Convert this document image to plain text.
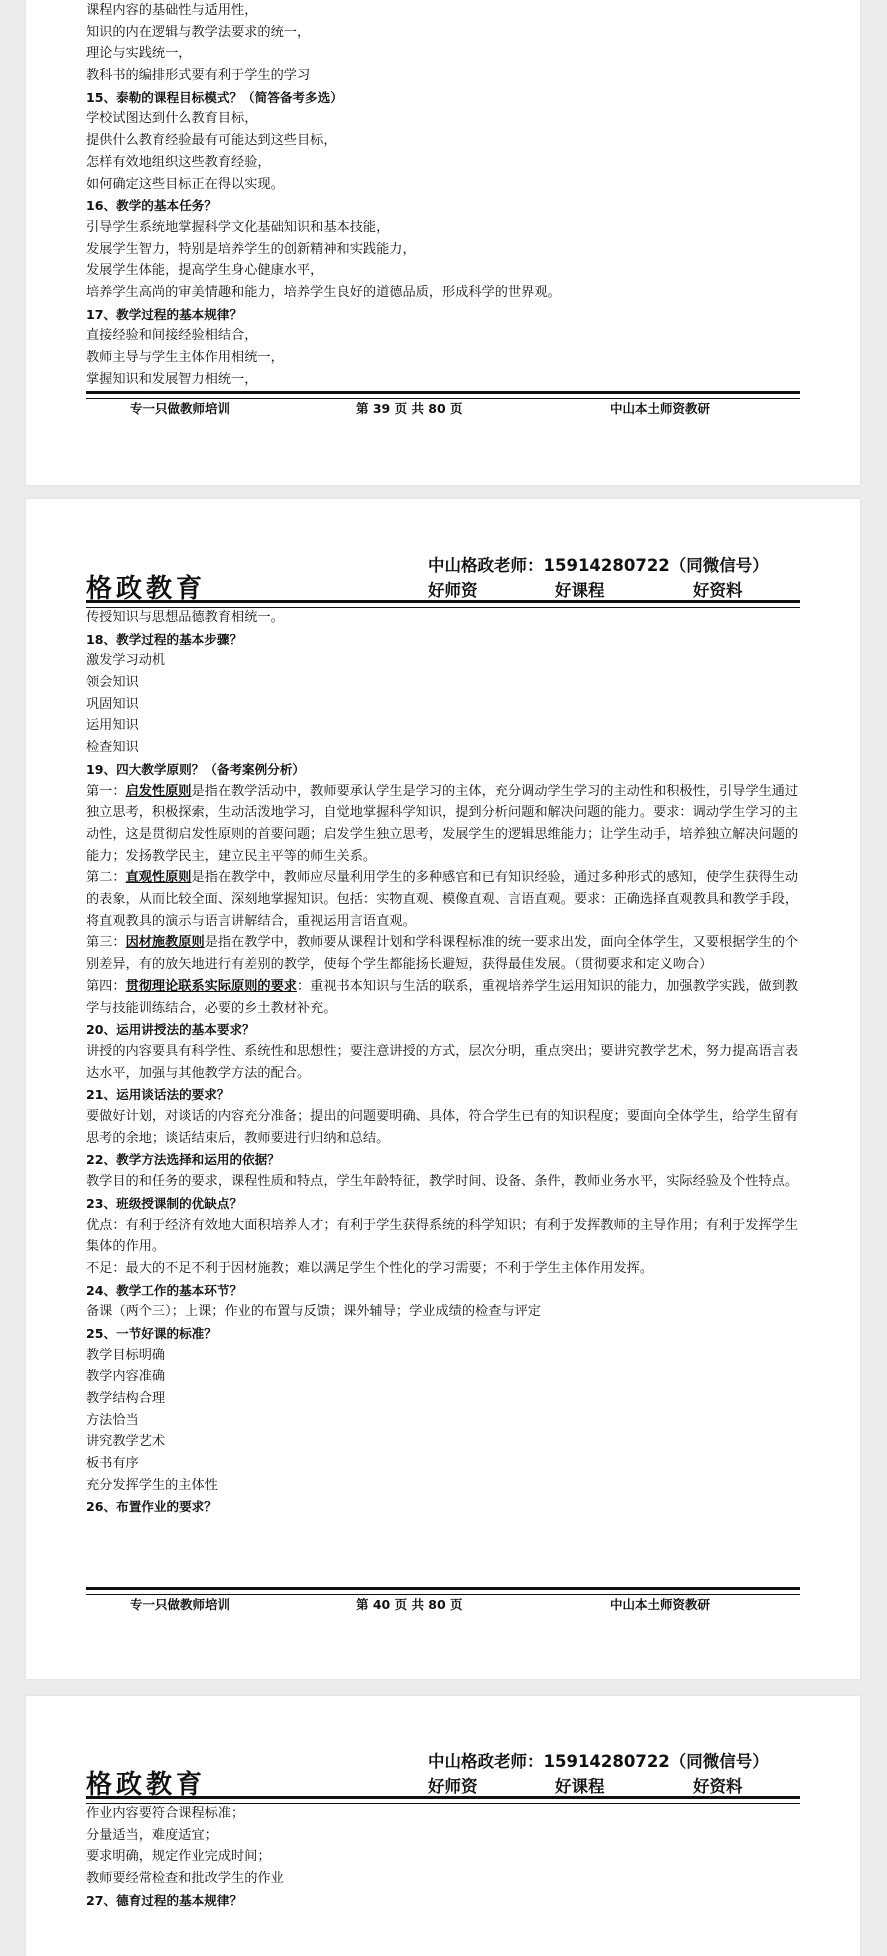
课程内容的基础性与适用性，
知识的内在逻辑与教学法要求的统一，
理论与实践统一，
教科书的编排形式要有利于学生的学习
15、泰勒的课程目标模式？（简答备考多选）
学校试图达到什么教育目标，
提供什么教育经验最有可能达到这些目标，
怎样有效地组织这些教育经验，
如何确定这些目标正在得以实现。
16、教学的基本任务？
引导学生系统地掌握科学文化基础知识和基本技能，
发展学生智力，特别是培养学生的创新精神和实践能力，
发展学生体能，提高学生身心健康水平，
培养学生高尚的审美情趣和能力，培养学生良好的道德品质，形成科学的世界观。
17、教学过程的基本规律？
直接经验和间接经验相结合，
教师主导与学生主体作用相统一，
掌握知识和发展智力相统一，
专一只做教师培训	第 39 页 共 80 页	中山本土师资教研
中山格政老师：15914280722（同微信号）
格政教育	好师资	好课程	好资料
传授知识与思想品德教育相统一。
18、教学过程的基本步骤？
激发学习动机
领会知识
巩固知识
运用知识
检查知识
19、四大教学原则？（备考案例分析）
第一：启发性原则是指在教学活动中，教师要承认学生是学习的主体，充分调动学生学习的主动性和积极性，引导学生通过独立思考，积极探索，生动活泼地学习，自觉地掌握科学知识，提到分析问题和解决问题的能力。要求：调动学生学习的主动性，这是贯彻启发性原则的首要问题；启发学生独立思考，发展学生的逻辑思维能力；让学生动手，培养独立解决问题的能力；发扬教学民主，建立民主平等的师生关系。
第二：直观性原则是指在教学中，教师应尽量利用学生的多种感官和已有知识经验，通过多种形式的感知，使学生获得生动的表象，从而比较全面、深刻地掌握知识。包括：实物直观、模像直观、言语直观。要求：正确选择直观教具和教学手段，将直观教具的演示与语言讲解结合，重视运用言语直观。
第三：因材施教原则是指在教学中，教师要从课程计划和学科课程标准的统一要求出发，面向全体学生，又要根据学生的个别差异，有的放矢地进行有差别的教学，使每个学生都能扬长避短，获得最佳发展。（贯彻要求和定义吻合）
第四：贯彻理论联系实际原则的要求：重视书本知识与生活的联系，重视培养学生运用知识的能力，加强教学实践，做到教学与技能训练结合，必要的乡土教材补充。
20、运用讲授法的基本要求？
讲授的内容要具有科学性、系统性和思想性；要注意讲授的方式，层次分明，重点突出；要讲究教学艺术，努力提高语言表达水平，加强与其他教学方法的配合。
21、运用谈话法的要求？
要做好计划，对谈话的内容充分准备；提出的问题要明确、具体，符合学生已有的知识程度；要面向全体学生，给学生留有思考的余地；谈话结束后，教师要进行归纳和总结。
22、教学方法选择和运用的依据？
教学目的和任务的要求，课程性质和特点，学生年龄特征，教学时间、设备、条件，教师业务水平，实际经验及个性特点。
23、班级授课制的优缺点？
优点：有利于经济有效地大面积培养人才；有利于学生获得系统的科学知识；有利于发挥教师的主导作用；有利于发挥学生集体的作用。
不足：最大的不足不利于因材施教；难以满足学生个性化的学习需要；不利于学生主体作用发挥。
24、教学工作的基本环节？
备课（两个三）；上课；作业的布置与反馈；课外辅导；学业成绩的检查与评定
25、一节好课的标准？
教学目标明确
教学内容准确
教学结构合理
方法恰当
讲究教学艺术
板书有序
充分发挥学生的主体性
26、布置作业的要求？
专一只做教师培训	第 40 页 共 80 页	中山本土师资教研
中山格政老师：15914280722（同微信号）
格政教育	好师资	好课程	好资料
作业内容要符合课程标准；
分量适当，难度适宜；
要求明确，规定作业完成时间；
教师要经常检查和批改学生的作业
27、德育过程的基本规律？
